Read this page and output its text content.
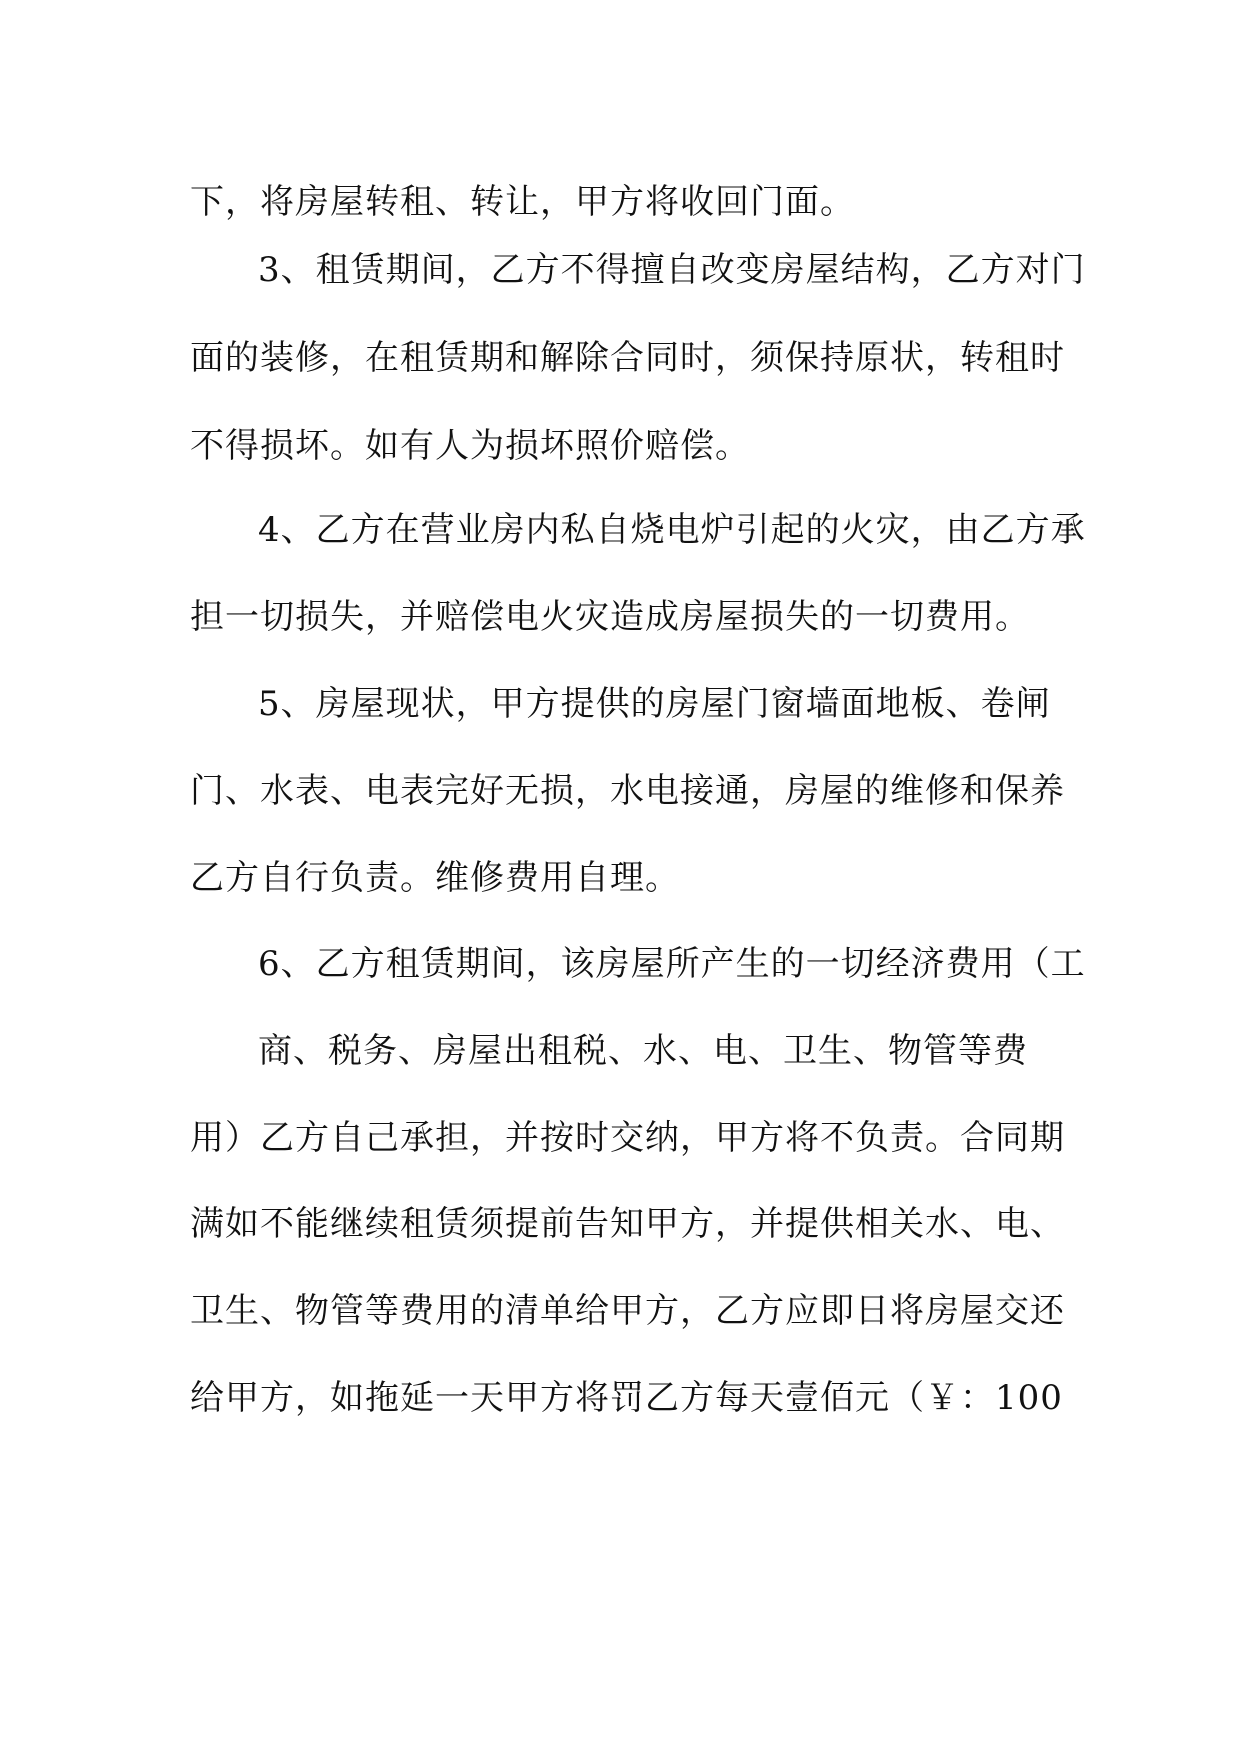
下，将房屋转租、转让，甲方将收回门面。
3、租赁期间，乙方不得擅自改变房屋结构，乙方对门
面的装修，在租赁期和解除合同时，须保持原状，转租时
不得损坏。如有人为损坏照价赔偿。
4、乙方在营业房内私自烧电炉引起的火灾，由乙方承
担一切损失，并赔偿电火灾造成房屋损失的一切费用。
5、房屋现状，甲方提供的房屋门窗墙面地板、卷闸
门、水表、电表完好无损，水电接通，房屋的维修和保养
乙方自行负责。维修费用自理。
6、乙方租赁期间，该房屋所产生的一切经济费用（工
商、税务、房屋出租税、水、电、卫生、物管等费
用）乙方自己承担，并按时交纳，甲方将不负责。合同期
满如不能继续租赁须提前告知甲方，并提供相关水、电、
卫生、物管等费用的清单给甲方，乙方应即日将房屋交还
给甲方，如拖延一天甲方将罚乙方每天壹佰元（￥：100
